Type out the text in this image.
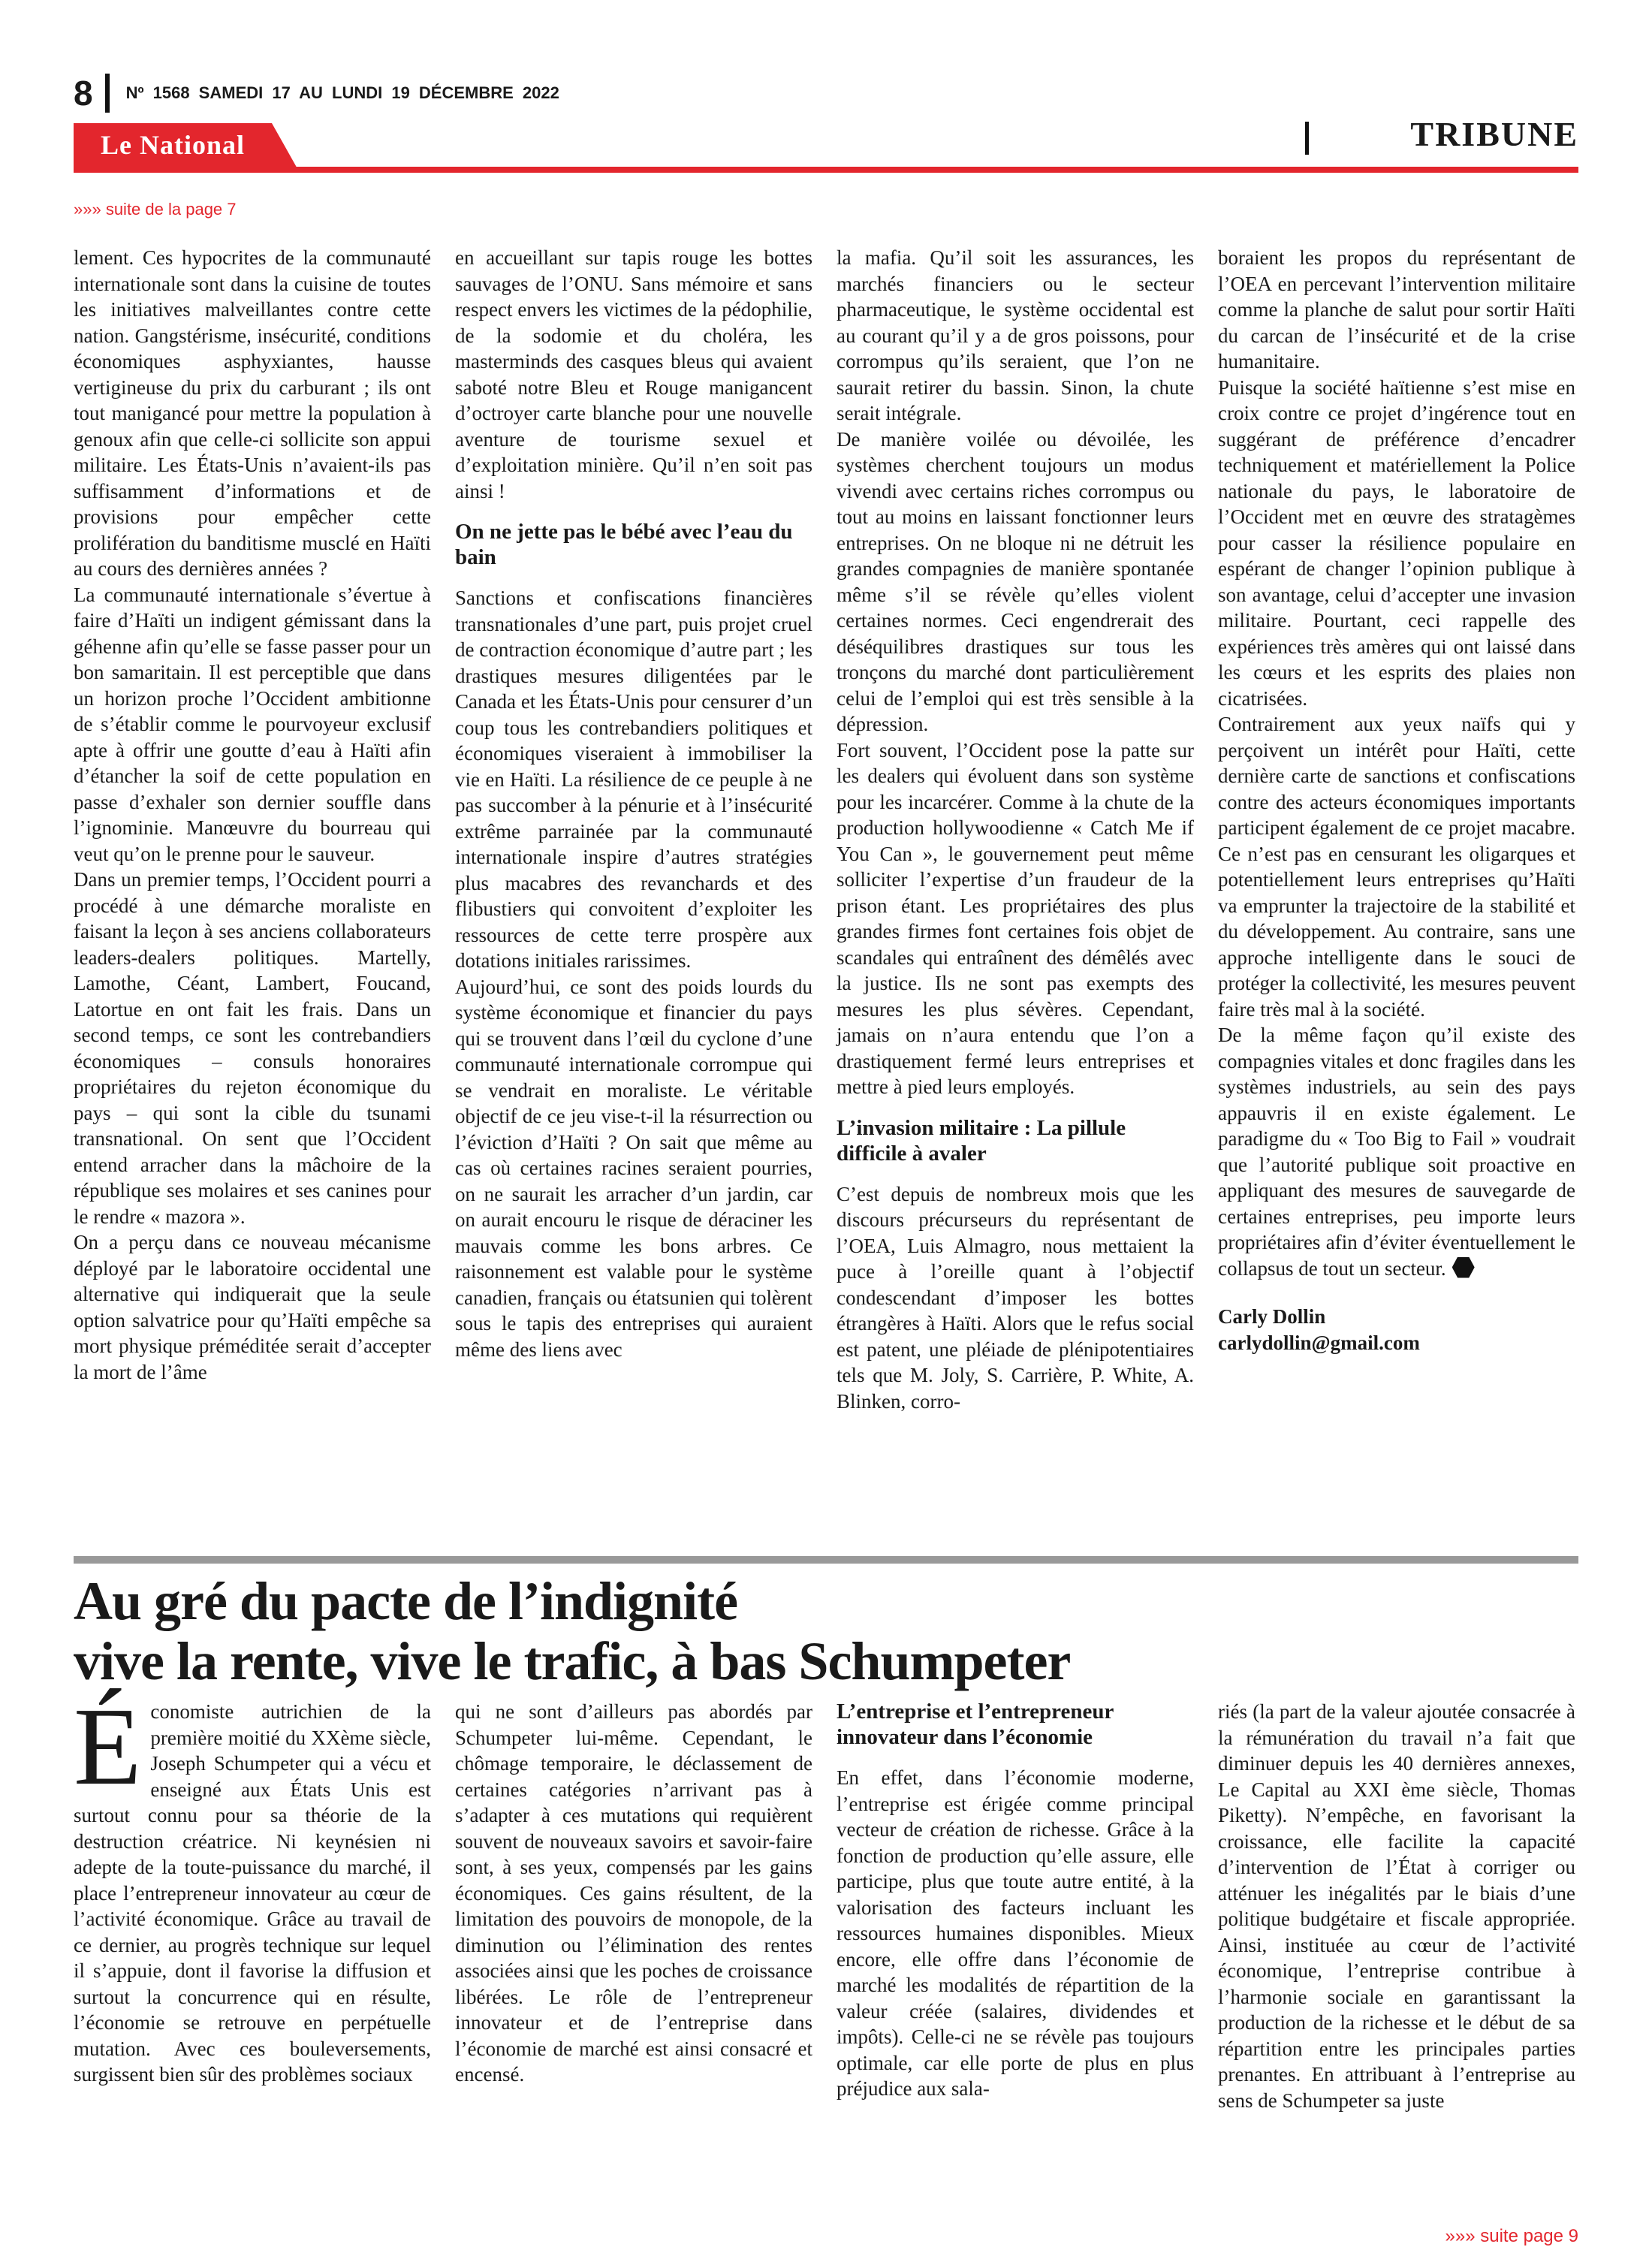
8 Nº 1568 SAMEDI 17 AU LUNDI 19 DÉCEMBRE 2022
Le National	TRIBUNE
»»» suite de la page 7

lement. Ces hypocrites de la communauté internationale sont dans la cuisine de toutes les initiatives malveillantes contre cette nation. Gangstérisme, insécurité, conditions économiques asphyxiantes, hausse vertigineuse du prix du carburant ; ils ont tout manigancé pour mettre la population à genoux afin que celle-ci sollicite son appui militaire. Les États-Unis n’avaient-ils pas suffisamment d’informations et de provisions pour empêcher cette prolifération du banditisme musclé en Haïti au cours des dernières années ?

La communauté internationale s’évertue à faire d’Haïti un indigent gémissant dans la géhenne afin qu’elle se fasse passer pour un bon samaritain. Il est perceptible que dans un horizon proche l’Occident ambitionne de s’établir comme le pourvoyeur exclusif apte à offrir une goutte d’eau à Haïti afin d’étancher la soif de cette population en passe d’exhaler son dernier souffle dans l’ignominie. Manœuvre du bourreau qui veut qu’on le prenne pour le sauveur.

Dans un premier temps, l’Occident pourri a procédé à une démarche moraliste en faisant la leçon à ses anciens collaborateurs leaders-dealers politiques. Martelly, Lamothe, Céant, Lambert, Foucand, Latortue en ont fait les frais. Dans un second temps, ce sont les contrebandiers économiques – consuls honoraires propriétaires du rejeton économique du pays – qui sont la cible du tsunami transnational. On sent que l’Occident entend arracher dans la mâchoire de la république ses molaires et ses canines pour le rendre « mazora ».

On a perçu dans ce nouveau mécanisme déployé par le laboratoire occidental une alternative qui indiquerait que la seule option salvatrice pour qu’Haïti empêche sa mort physique préméditée serait d’accepter la mort de l’âme

en accueillant sur tapis rouge les bottes sauvages de l’ONU. Sans mémoire et sans respect envers les victimes de la pédophilie, de la sodomie et du choléra, les masterminds des casques bleus qui avaient saboté notre Bleu et Rouge manigancent d’octroyer carte blanche pour une nouvelle aventure de tourisme sexuel et d’exploitation minière. Qu’il n’en soit pas ainsi !

On ne jette pas le bébé avec l’eau du bain

Sanctions et confiscations financières transnationales d’une part, puis projet cruel de contraction économique d’autre part ; les drastiques mesures diligentées par le Canada et les États-Unis pour censurer d’un coup tous les contrebandiers politiques et économiques viseraient à immobiliser la vie en Haïti. La résilience de ce peuple à ne pas succomber à la pénurie et à l’insécurité extrême parrainée par la communauté internationale inspire d’autres stratégies plus macabres des revanchards et des flibustiers qui convoitent d’exploiter les ressources de cette terre prospère aux dotations initiales rarissimes.

Aujourd’hui, ce sont des poids lourds du système économique et financier du pays qui se trouvent dans l’œil du cyclone d’une communauté internationale corrompue qui se vendrait en moraliste. Le véritable objectif de ce jeu vise-t-il la résurrection ou l’éviction d’Haïti ? On sait que même au cas où certaines racines seraient pourries, on ne saurait les arracher d’un jardin, car on aurait encouru le risque de déraciner les mauvais comme les bons arbres. Ce raisonnement est valable pour le système canadien, français ou étatsunien qui tolèrent sous le tapis des entreprises qui auraient même des liens avec

la mafia. Qu’il soit les assurances, les marchés financiers ou le secteur pharmaceutique, le système occidental est au courant qu’il y a de gros poissons, pour corrompus qu’ils seraient, que l’on ne saurait retirer du bassin. Sinon, la chute serait intégrale.

De manière voilée ou dévoilée, les systèmes cherchent toujours un modus vivendi avec certains riches corrompus ou tout au moins en laissant fonctionner leurs entreprises. On ne bloque ni ne détruit les grandes compagnies de manière spontanée même s’il se révèle qu’elles violent certaines normes. Ceci engendrerait des déséquilibres drastiques sur tous les tronçons du marché dont particulièrement celui de l’emploi qui est très sensible à la dépression.

Fort souvent, l’Occident pose la patte sur les dealers qui évoluent dans son système pour les incarcérer. Comme à la chute de la production hollywoodienne « Catch Me if You Can », le gouvernement peut même solliciter l’expertise d’un fraudeur de la prison étant. Les propriétaires des plus grandes firmes font certaines fois objet de scandales qui entraînent des démêlés avec la justice. Ils ne sont pas exempts des mesures les plus sévères. Cependant, jamais on n’aura entendu que l’on a drastiquement fermé leurs entreprises et mettre à pied leurs employés.

L’invasion militaire : La pillule difficile à avaler

C’est depuis de nombreux mois que les discours précurseurs du représentant de l’OEA, Luis Almagro, nous mettaient la puce à l’oreille quant à l’objectif condescendant d’imposer les bottes étrangères à Haïti. Alors que le refus social est patent, une pléiade de plénipotentiaires tels que M. Joly, S. Carrière, P. White, A. Blinken, corro-

boraient les propos du représentant de l’OEA en percevant l’intervention militaire comme la planche de salut pour sortir Haïti du carcan de l’insécurité et de la crise humanitaire.

Puisque la société haïtienne s’est mise en croix contre ce projet d’ingérence tout en suggérant de préférence d’encadrer techniquement et matériellement la Police nationale du pays, le laboratoire de l’Occident met en œuvre des stratagèmes pour casser la résilience populaire en espérant de changer l’opinion publique à son avantage, celui d’accepter une invasion militaire. Pourtant, ceci rappelle des expériences très amères qui ont laissé dans les cœurs et les esprits des plaies non cicatrisées.

Contrairement aux yeux naïfs qui y perçoivent un intérêt pour Haïti, cette dernière carte de sanctions et confiscations contre des acteurs économiques importants participent également de ce projet macabre. Ce n’est pas en censurant les oligarques et potentiellement leurs entreprises qu’Haïti va emprunter la trajectoire de la stabilité et du développement. Au contraire, sans une approche intelligente dans le souci de protéger la collectivité, les mesures peuvent faire très mal à la société.

De la même façon qu’il existe des compagnies vitales et donc fragiles dans les systèmes industriels, au sein des pays appauvris il en existe également. Le paradigme du « Too Big to Fail » voudrait que l’autorité publique soit proactive en appliquant des mesures de sauvegarde de certaines entreprises, peu importe leurs propriétaires afin d’éviter éventuellement le collapsus de tout un secteur.

Carly Dollin
carlydollin@gmail.com

Au gré du pacte de l’indignité
vive la rente, vive le trafic, à bas Schumpeter

Économiste autrichien de la première moitié du XXème siècle, Joseph Schumpeter qui a vécu et enseigné aux États Unis est surtout connu pour sa théorie de la destruction créatrice. Ni keynésien ni adepte de la toute-puissance du marché, il place l’entrepreneur innovateur au cœur de l’activité économique. Grâce au travail de ce dernier, au progrès technique sur lequel il s’appuie, dont il favorise la diffusion et surtout la concurrence qui en résulte, l’économie se retrouve en perpétuelle mutation. Avec ces bouleversements, surgissent bien sûr des problèmes sociaux

qui ne sont d’ailleurs pas abordés par Schumpeter lui-même. Cependant, le chômage temporaire, le déclassement de certaines catégories n’arrivant pas à s’adapter à ces mutations qui requièrent souvent de nouveaux savoirs et savoir-faire sont, à ses yeux, compensés par les gains économiques. Ces gains résultent, de la limitation des pouvoirs de monopole, de la diminution ou l’élimination des rentes associées ainsi que les poches de croissance libérées. Le rôle de l’entrepreneur innovateur et de l’entreprise dans l’économie de marché est ainsi consacré et encensé.

L’entreprise et l’entrepreneur innovateur dans l’économie

En effet, dans l’économie moderne, l’entreprise est érigée comme principal vecteur de création de richesse. Grâce à la fonction de production qu’elle assure, elle participe, plus que toute autre entité, à la valorisation des facteurs incluant les ressources humaines disponibles. Mieux encore, elle offre dans l’économie de marché les modalités de répartition de la valeur créée (salaires, dividendes et impôts). Celle-ci ne se révèle pas toujours optimale, car elle porte de plus en plus préjudice aux sala-

riés (la part de la valeur ajoutée consacrée à la rémunération du travail n’a fait que diminuer depuis les 40 dernières annexes, Le Capital au XXI ème siècle, Thomas Piketty). N’empêche, en favorisant la croissance, elle facilite la capacité d’intervention de l’État à corriger ou atténuer les inégalités par le biais d’une politique budgétaire et fiscale appropriée. Ainsi, instituée au cœur de l’activité économique, l’entreprise contribue à l’harmonie sociale en garantissant la production de la richesse et le début de sa répartition entre les principales parties prenantes. En attribuant à l’entreprise au sens de Schumpeter sa juste

»»» suite page 9
